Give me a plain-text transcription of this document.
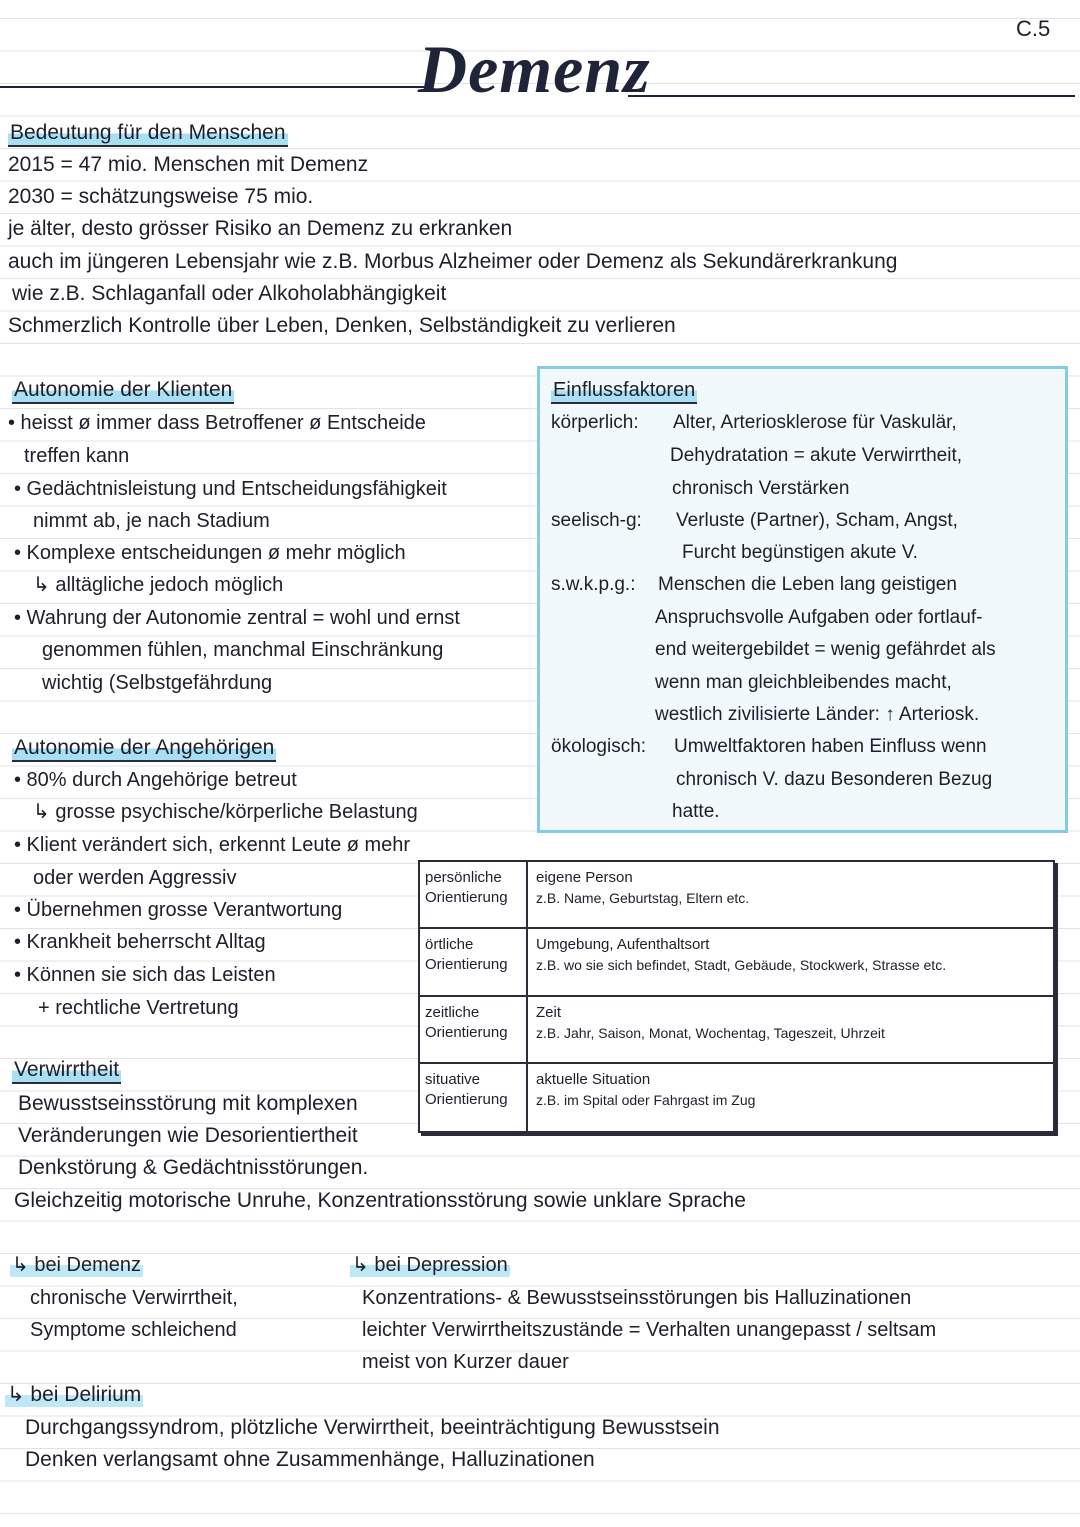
C.5
Demenz
Bedeutung für den Menschen
2015 = 47 mio. Menschen mit Demenz
2030 = schätzungsweise 75 mio.
je älter, desto grösser Risiko an Demenz zu erkranken
auch im jüngeren Lebensjahr wie z.B. Morbus Alzheimer oder Demenz als Sekundärerkrankung
wie z.B. Schlaganfall oder Alkoholabhängigkeit
Schmerzlich Kontrolle über Leben, Denken, Selbständigkeit zu verlieren
Autonomie der Klienten
• heisst ø immer dass Betroffener ø Entscheide
treffen kann
• Gedächtnisleistung und Entscheidungsfähigkeit
nimmt ab, je nach Stadium
• Komplexe entscheidungen ø mehr möglich
↳ alltägliche jedoch möglich
• Wahrung der Autonomie zentral = wohl und ernst
genommen fühlen, manchmal Einschränkung
wichtig (Selbstgefährdung
Einflussfaktoren
körperlich: Alter, Arteriosklerose für Vaskulär,
Dehydratation = akute Verwirrtheit,
chronisch Verstärken
seelisch-g: Verluste (Partner), Scham, Angst,
Furcht begünstigen akute V.
s.w.k.p.g.: Menschen die Leben lang geistigen
Anspruchsvolle Aufgaben oder fortlauf-
end weitergebildet = wenig gefährdet als
wenn man gleichbleibendes macht,
westlich zivilisierte Länder: ↑ Arteriosk.
ökologisch: Umweltfaktoren haben Einfluss wenn
chronisch V. dazu Besonderen Bezug
hatte.
Autonomie der Angehörigen
• 80% durch Angehörige betreut
↳ grosse psychische/körperliche Belastung
• Klient verändert sich, erkennt Leute ø mehr
oder werden Aggressiv
• Übernehmen grosse Verantwortung
• Krankheit beherrscht Alltag
• Können sie sich das Leisten
+ rechtliche Vertretung
persönliche
Orientierung
eigene Person
z.B. Name, Geburtstag, Eltern etc.
örtliche
Orientierung
Umgebung, Aufenthaltsort
z.B. wo sie sich befindet, Stadt, Gebäude, Stockwerk, Strasse etc.
zeitliche
Orientierung
Zeit
z.B. Jahr, Saison, Monat, Wochentag, Tageszeit, Uhrzeit
situative
Orientierung
aktuelle Situation
z.B. im Spital oder Fahrgast im Zug
Verwirrtheit
Bewusstseinsstörung mit komplexen
Veränderungen wie Desorientiertheit
Denkstörung & Gedächtnisstörungen.
Gleichzeitig motorische Unruhe, Konzentrationsstörung sowie unklare Sprache
↳ bei Demenz
chronische Verwirrtheit,
Symptome schleichend
↳ bei Depression
Konzentrations- & Bewusstseinsstörungen bis Halluzinationen
leichter Verwirrtheitszustände = Verhalten unangepasst / seltsam
meist von Kurzer dauer
↳ bei Delirium
Durchgangssyndrom, plötzliche Verwirrtheit, beeinträchtigung Bewusstsein
Denken verlangsamt ohne Zusammenhänge, Halluzinationen
